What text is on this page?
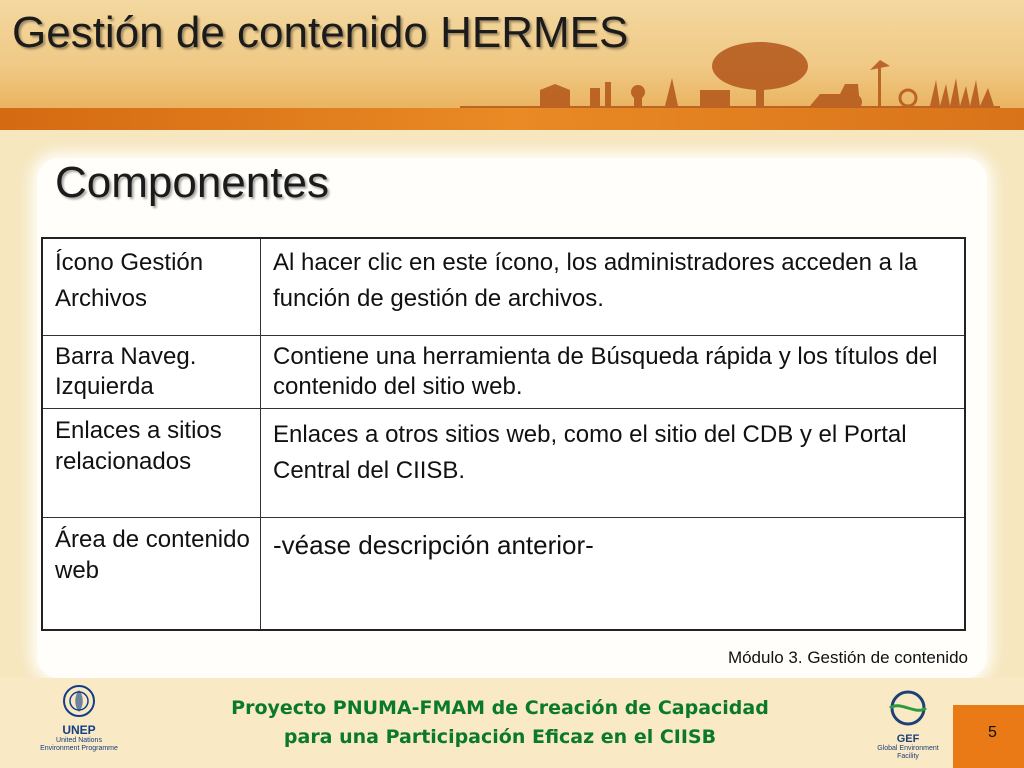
Gestión de contenido HERMES
Componentes
Ícono Gestión Archivos	Al hacer clic en este ícono, los administradores acceden a la función de gestión de archivos.
Barra Naveg. Izquierda	Contiene una herramienta de Búsqueda rápida y los títulos del contenido del sitio web.
Enlaces a sitios relacionados	Enlaces a otros sitios web, como el sitio del CDB y el Portal Central del CIISB.
Área de contenido web	-véase descripción anterior-
Módulo 3. Gestión de contenido
UNEP
United Nations
Environment Programme
Proyecto PNUMA-FMAM de Creación de Capacidad
para una Participación Eficaz en el CIISB	GEF
Global Environment
Facility
5
